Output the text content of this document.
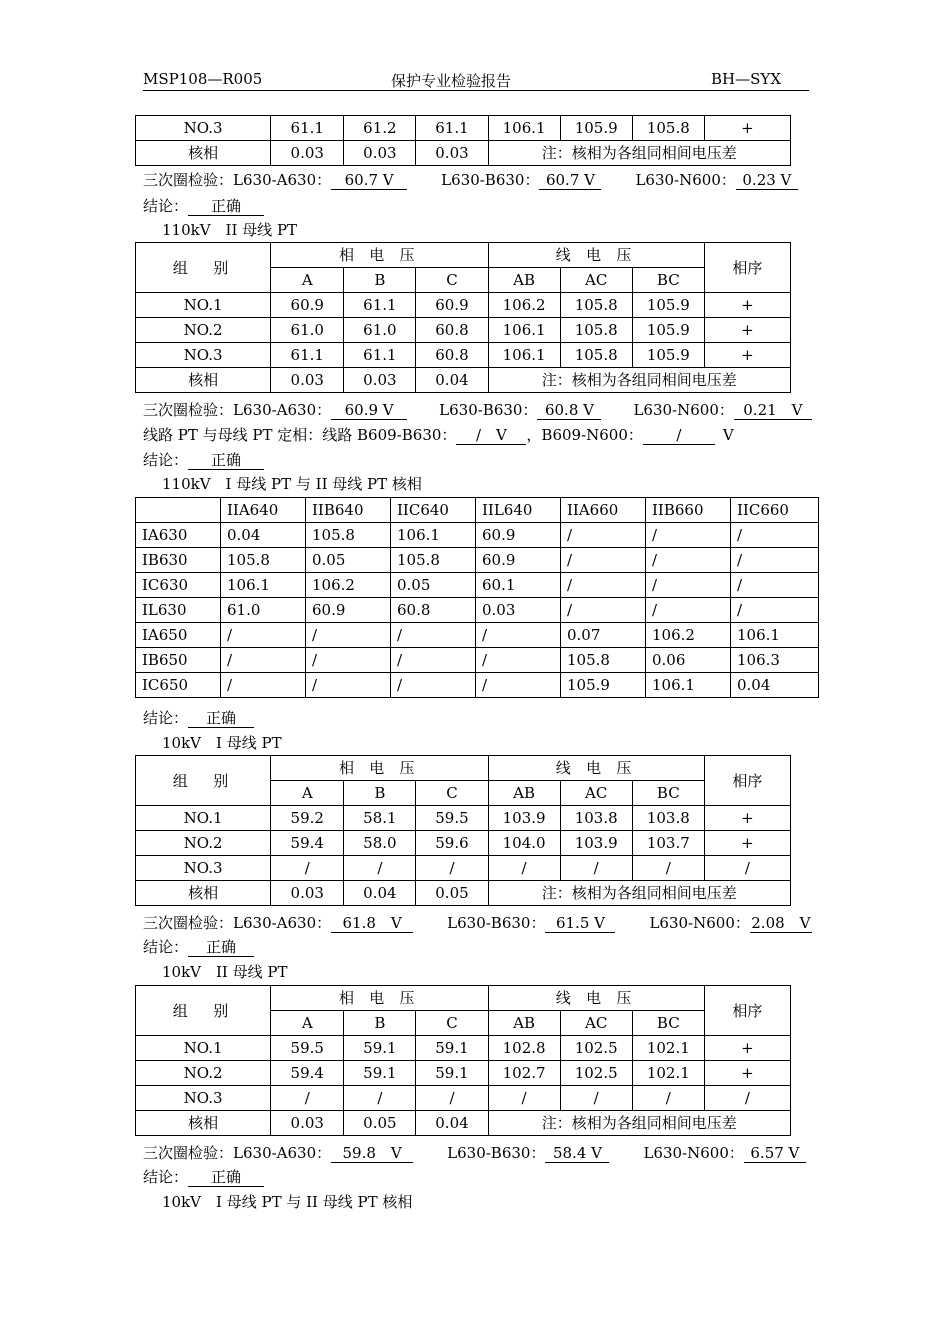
MSP108—R005	保护专业检验报告	BH—SYX
NO.3	61.1	61.2	61.1	106.1	105.9	105.8	+
核相	0.03	0.03	0.03	注：核相为各组同相间电压差			
三次圈检验：L630-A630： 60.7 V	L630-B630： 60.7 V	L630-N600： 0.23 V
结论： 正确
110kV　II 母线 PT
组　别	相 电 压			线 电 压			相序
	A	B	C	AB	AC	BC	
NO.1	60.9	61.1	60.9	106.2	105.8	105.9	+
NO.2	61.0	61.0	60.8	106.1	105.8	105.9	+
NO.3	61.1	61.1	60.8	106.1	105.8	105.9	+
核相	0.03	0.03	0.04	注：核相为各组同相间电压差			
三次圈检验：L630-A630： 60.9 V	L630-B630： 60.8 V	L630-N600： 0.21　V
线路 PT 与母线 PT 定相：线路 B609-B630： /　V ，B609-N600： /	V
结论： 正确
110kV　I 母线 PT 与 II 母线 PT 核相
	IIA640	IIB640	IIC640	IIL640	IIA660	IIB660	IIC660
IA630	0.04	105.8	106.1	60.9	/	/	/
IB630	105.8	0.05	105.8	60.9	/	/	/
IC630	106.1	106.2	0.05	60.1	/	/	/
IL630	61.0	60.9	60.8	0.03	/	/	/
IA650	/	/	/	/	0.07	106.2	106.1
IB650	/	/	/	/	105.8	0.06	106.3
IC650	/	/	/	/	105.9	106.1	0.04
结论： 正确
10kV　I 母线 PT
组　别	相 电 压			线 电 压			相序
	A	B	C	AB	AC	BC	
NO.1	59.2	58.1	59.5	103.9	103.8	103.8	+
NO.2	59.4	58.0	59.6	104.0	103.9	103.7	+
NO.3	/	/	/	/	/	/	/
核相	0.03	0.04	0.05	注：核相为各组同相间电压差			
三次圈检验：L630-A630： 61.8　V	L630-B630： 61.5 V	L630-N600：2.08　V
结论： 正确
10kV　II 母线 PT
组　别	相 电 压			线 电 压			相序
	A	B	C	AB	AC	BC	
NO.1	59.5	59.1	59.1	102.8	102.5	102.1	+
NO.2	59.4	59.1	59.1	102.7	102.5	102.1	+
NO.3	/	/	/	/	/	/	/
核相	0.03	0.05	0.04	注：核相为各组同相间电压差			
三次圈检验：L630-A630： 59.8　V	L630-B630： 58.4 V	L630-N600： 6.57 V
结论： 正确
10kV　I 母线 PT 与 II 母线 PT 核相
